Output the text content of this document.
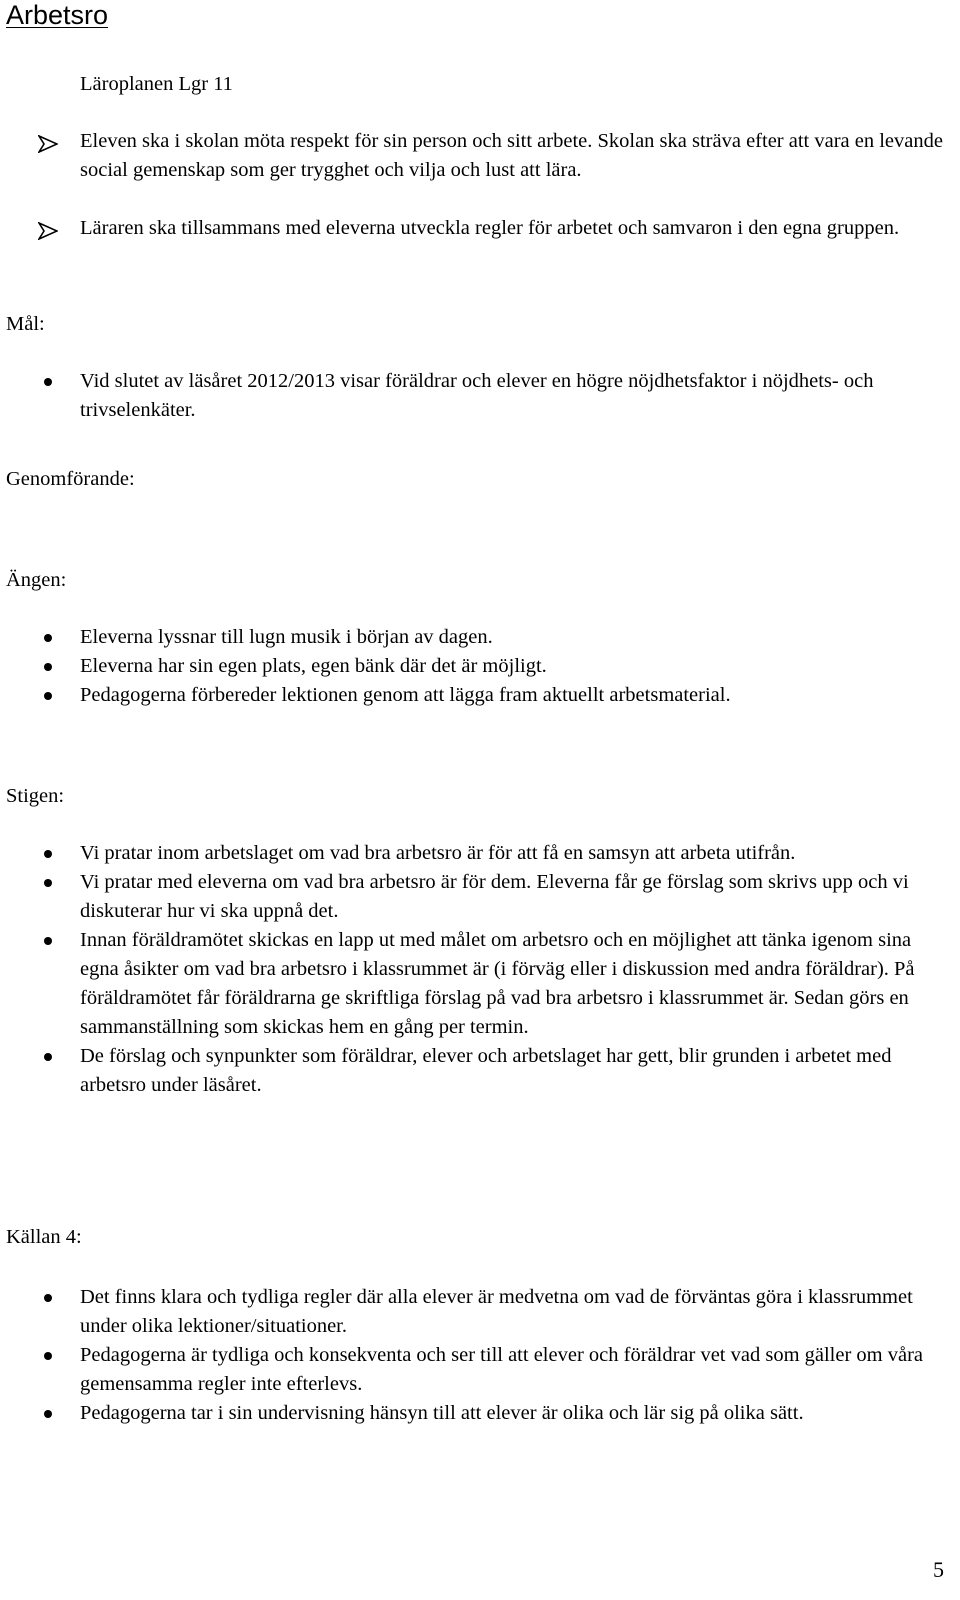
Arbetsro
Läroplanen Lgr 11
Eleven ska i skolan möta respekt för sin person och sitt arbete. Skolan ska sträva efter att vara en levande social gemenskap som ger trygghet och vilja och lust att lära.
Läraren ska tillsammans med eleverna utveckla regler för arbetet och samvaron i den egna gruppen.
Mål:
Vid slutet av läsåret 2012/2013 visar föräldrar och elever en högre nöjdhetsfaktor i nöjdhets- och trivselenkäter.
Genomförande:
Ängen:
Eleverna lyssnar till lugn musik i början av dagen.
Eleverna har sin egen plats, egen bänk där det är möjligt.
Pedagogerna förbereder lektionen genom att lägga fram aktuellt arbetsmaterial.
Stigen:
Vi pratar inom arbetslaget om vad bra arbetsro är för att få en samsyn att arbeta utifrån.
Vi pratar med eleverna om vad bra arbetsro är för dem. Eleverna får ge förslag som skrivs upp och vi diskuterar hur vi ska uppnå det.
Innan föräldramötet skickas en lapp ut med målet om arbetsro och en möjlighet att tänka igenom sina egna åsikter om vad bra arbetsro i klassrummet är (i förväg eller i diskussion med andra föräldrar). På föräldramötet får föräldrarna ge skriftliga förslag på vad bra arbetsro i klassrummet är. Sedan görs en sammanställning som skickas hem en gång per termin.
De förslag och synpunkter som föräldrar, elever och arbetslaget har gett, blir grunden i arbetet med arbetsro under läsåret.
Källan 4:
Det finns klara och tydliga regler där alla elever är medvetna om vad de förväntas göra i klassrummet under olika lektioner/situationer.
Pedagogerna är tydliga och konsekventa och ser till att elever och föräldrar vet vad som gäller om våra gemensamma regler inte efterlevs.
Pedagogerna tar i sin undervisning hänsyn till att elever är olika och lär sig på olika sätt.
5
